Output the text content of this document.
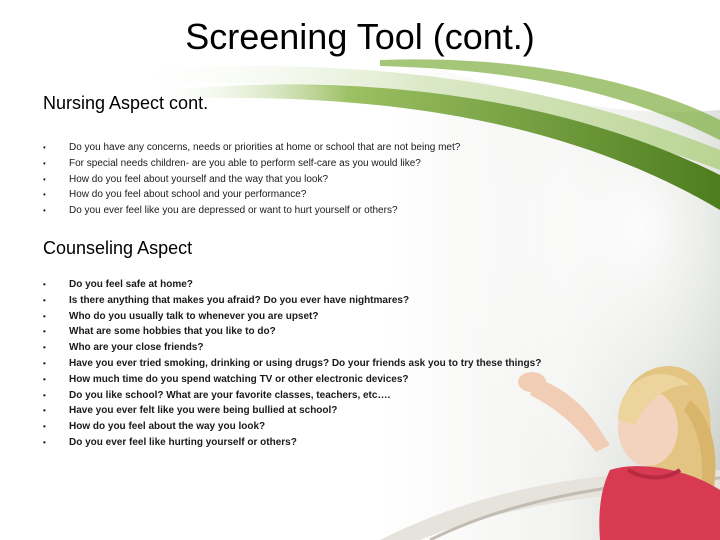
Screening Tool (cont.)
Nursing Aspect cont.
• Do you have any concerns, needs or priorities at home or school that are not being met?
• For special needs children- are you able to perform self-care as you would like?
• How do you feel about yourself and the way that you look?
• How do you feel about school and your performance?
• Do you ever feel like you are depressed or want to hurt yourself or others?
Counseling Aspect
• Do you feel safe at home?
• Is there anything that makes you afraid? Do you ever have nightmares?
• Who do you usually talk to whenever you are upset?
• What are some hobbies that you like to do?
• Who are your close friends?
• Have you ever tried smoking, drinking or using drugs? Do your friends ask you to try these things?
• How much time do you spend watching TV or other electronic devices?
• Do you like school? What are your favorite classes, teachers, etc….
• Have you ever felt like you were being bullied at school?
• How do you feel about the way you look?
• Do you ever feel like hurting yourself or others?
